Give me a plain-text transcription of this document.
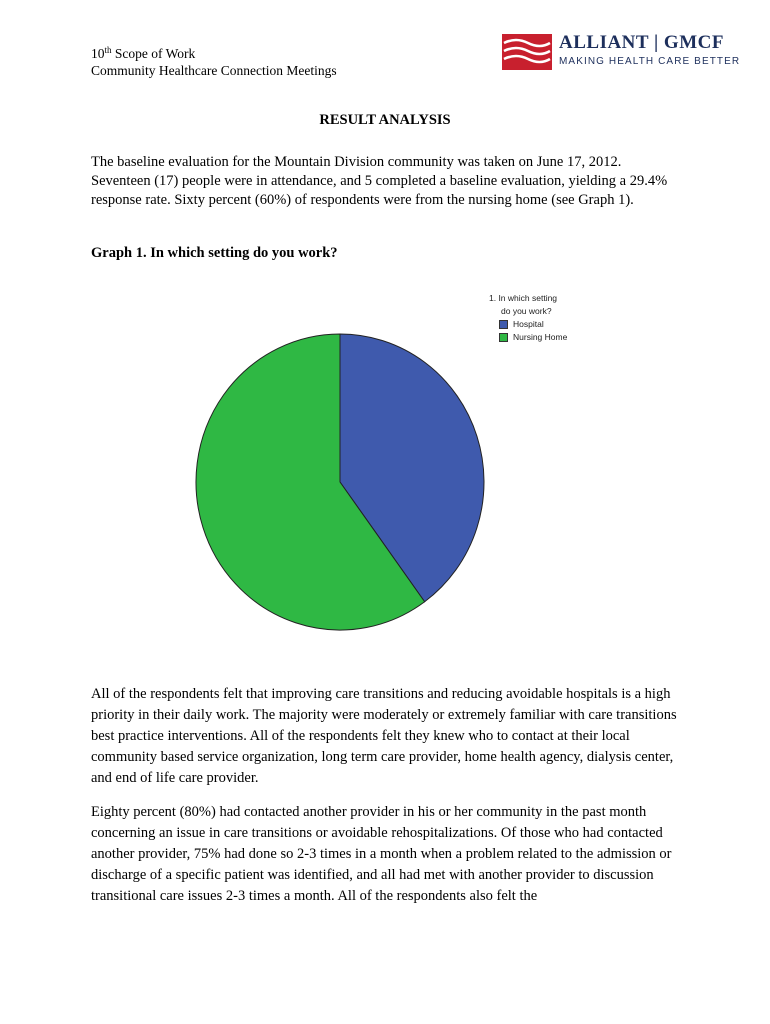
10th Scope of Work
Community Healthcare Connection Meetings
ALLIANT | GMCF
MAKING HEALTH CARE BETTER
RESULT ANALYSIS
The baseline evaluation for the Mountain Division community was taken on June 17, 2012. Seventeen (17) people were in attendance, and 5 completed a baseline evaluation, yielding a 29.4% response rate. Sixty percent (60%) of respondents were from the nursing home (see Graph 1).
Graph 1. In which setting do you work?
1. In which setting
do you work?
Hospital
Nursing Home
All of the respondents felt that improving care transitions and reducing avoidable hospitals is a high priority in their daily work. The majority were moderately or extremely familiar with care transitions best practice interventions. All of the respondents felt they knew who to contact at their local community based service organization, long term care provider, home health agency, dialysis center, and end of life care provider.
Eighty percent (80%) had contacted another provider in his or her community in the past month concerning an issue in care transitions or avoidable rehospitalizations. Of those who had contacted another provider, 75% had done so 2-3 times in a month when a problem related to the admission or discharge of a specific patient was identified, and all had met with another provider to discussion transitional care issues 2-3 times a month. All of the respondents also felt the
